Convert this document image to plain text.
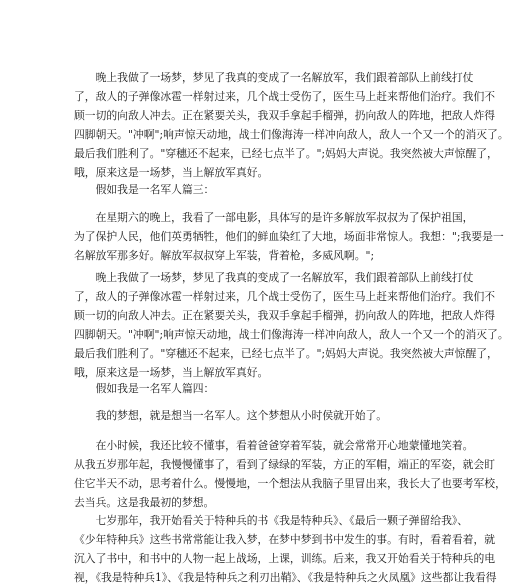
　　晚上我做了一场梦，梦见了我真的变成了一名解放军，我们跟着部队上前线打仗
了，敌人的子弹像冰雹一样射过来，几个战士受伤了，医生马上赶来帮他们治疗。我们不
顾一切的向敌人冲去。正在紧要关头，我双手拿起手榴弹，扔向敌人的阵地，把敌人炸得
四脚朝天。"冲啊";响声惊天动地，战士们像海涛一样冲向敌人，敌人一个又一个的消灭了。
最后我们胜利了。"穿穗还不起来，已经七点半了。";妈妈大声说。我突然被大声惊醒了，
哦，原来这是一场梦，当上解放军真好。
　　假如我是一名军人篇三：
　　在星期六的晚上，我看了一部电影，具体写的是许多解放军叔叔为了保护祖国，
为了保护人民，他们英勇牺牲，他们的鲜血染红了大地，场面非常惊人。我想：";我要是一
名解放军那多好。解放军叔叔穿上军装，背着枪，多威风啊。";
　　晚上我做了一场梦，梦见了我真的变成了一名解放军，我们跟着部队上前线打仗
了，敌人的子弹像冰雹一样射过来，几个战士受伤了，医生马上赶来帮他们治疗。我们不
顾一切的向敌人冲去。正在紧要关头，我双手拿起手榴弹，扔向敌人的阵地，把敌人炸得
四脚朝天。"冲啊";响声惊天动地，战士们像海涛一样冲向敌人，敌人一个又一个的消灭了。
最后我们胜利了。"穿穗还不起来，已经七点半了。";妈妈大声说。我突然被大声惊醒了，
哦，原来这是一场梦，当上解放军真好。
　　假如我是一名军人篇四：
　　我的梦想，就是想当一名军人。这个梦想从小时侯就开始了。
　　在小时候，我还比较不懂事，看着爸爸穿着军装，就会常常开心地蒙懂地笑着。
从我五岁那年起，我慢慢懂事了，看到了绿绿的军装，方正的军帽，端正的军姿，就会盯
住它半天不动，思考着什么。慢慢地，一个想法从我脑子里冒出来，我长大了也要考军校，
去当兵。这是我最初的梦想。
　　七岁那年，我开始看关于特种兵的书《我是特种兵》、《最后一颗子弹留给我》、
《少年特种兵》这些书常常能让我入梦，在梦中梦到书中发生的事。有时，看着看着，就
沉入了书中，和书中的人物一起上战场，上课，训练。后来，我又开始看关于特种兵的电
视，《我是特种兵1》、《我是特种兵之利刃出鞘》、《我是特种兵之火凤凰》这些都让我看得
